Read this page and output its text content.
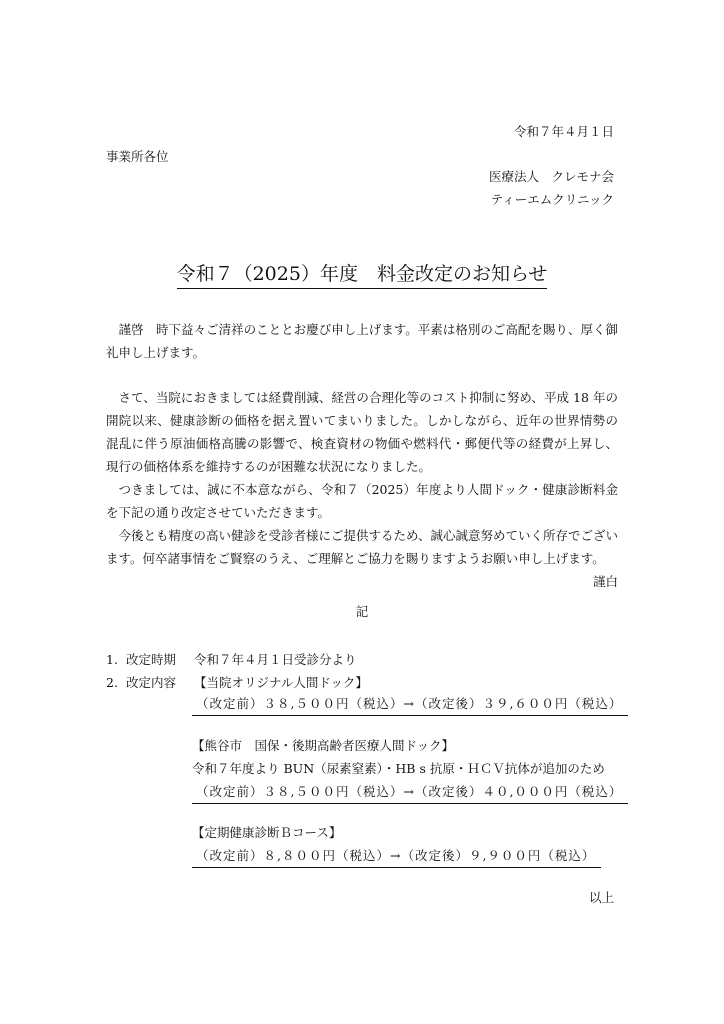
令和７年４月１日
事業所各位
医療法人　クレモナ会
ティーエムクリニック
令和７（2025）年度　料金改定のお知らせ

謹啓　時下益々ご清祥のこととお慶び申し上げます。平素は格別のご高配を賜り、厚く御礼申し上げます。

さて、当院におきましては経費削減、経営の合理化等のコスト抑制に努め、平成 18 年の開院以来、健康診断の価格を据え置いてまいりました。しかしながら、近年の世界情勢の混乱に伴う原油価格高騰の影響で、検査資材の物価や燃料代・郵便代等の経費が上昇し、現行の価格体系を維持するのが困難な状況になりました。

つきましては、誠に不本意ながら、令和７（2025）年度より人間ドック・健康診断料金を下記の通り改定させていただきます。

今後とも精度の高い健診を受診者様にご提供するため、誠心誠意努めていく所存でございます。何卒諸事情をご賢察のうえ、ご理解とご協力を賜りますようお願い申し上げます。

謹白

記
1. 改定時期	令和７年４月１日受診分より
2. 改定内容	【当院オリジナル人間ドック】
（改定前）３８,５００円（税込）→（改定後）３９,６００円（税込）
【熊谷市　国保・後期高齢者医療人間ドック】
令和７年度より BUN（尿素窒素）・HB s 抗原・ＨＣＶ抗体が追加のため
（改定前）３８,５００円（税込）→（改定後）４０,０００円（税込）
【定期健康診断Ｂコース】
（改定前）８,８００円（税込）→（改定後）９,９００円（税込）
以上
